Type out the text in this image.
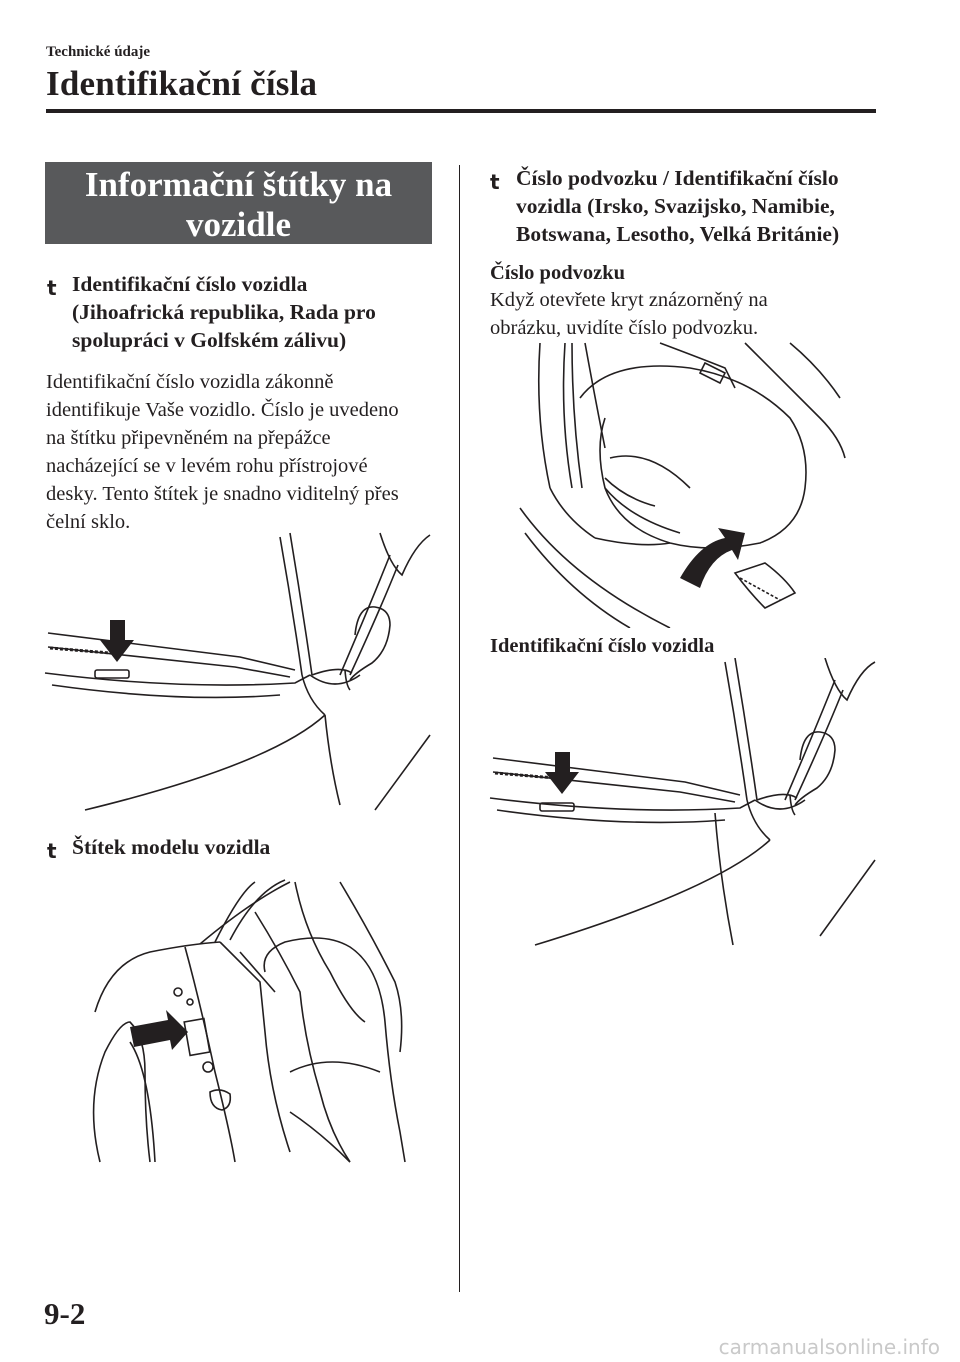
Technické údaje
Identifikační čísla
Informační štítky na
vozidle
t Identifikační číslo vozidla
(Jihoafrická republika, Rada pro
spolupráci v Golfském zálivu)
Identifikační číslo vozidla zákonně
identifikuje Vaše vozidlo. Číslo je uvedeno
na štítku připevněném na přepážce
nacházející se v levém rohu přístrojové
desky. Tento štítek je snadno viditelný přes
čelní sklo.
t Štítek modelu vozidla
t Číslo podvozku / Identifikační číslo
vozidla (Irsko, Svazijsko, Namibie,
Botswana, Lesotho, Velká Británie)
Číslo podvozku
Když otevřete kryt znázorněný na
obrázku, uvidíte číslo podvozku.
Identifikační číslo vozidla
9-2
carmanualsonline.info
